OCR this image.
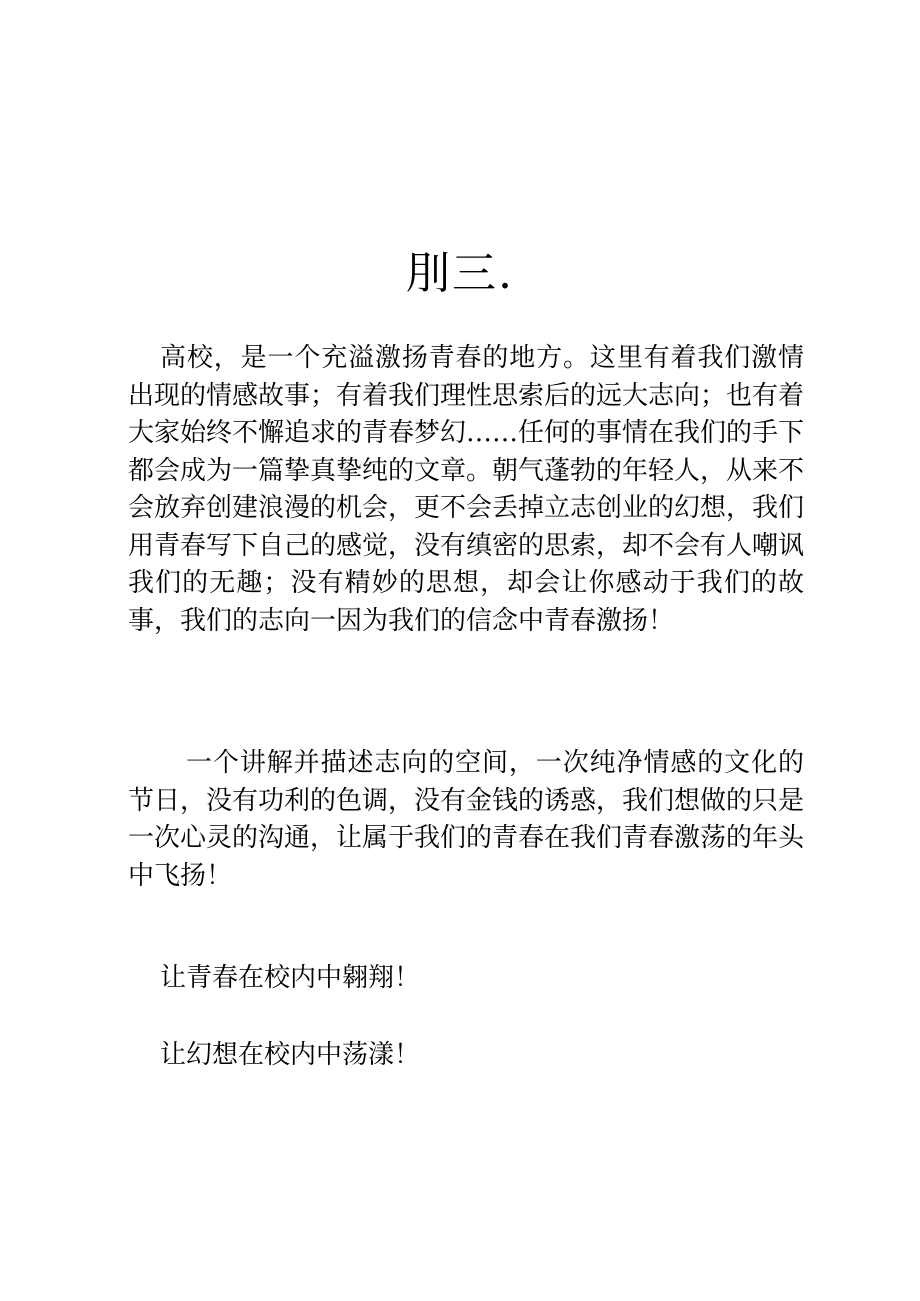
刖三.
高校，是一个充溢激扬青春的地方。这里有着我们激情出现的情感故事；有着我们理性思索后的远大志向；也有着大家始终不懈追求的青春梦幻……任何的事情在我们的手下都会成为一篇挚真挚纯的文章。朝气蓬勃的年轻人，从来不会放弃创建浪漫的机会，更不会丢掉立志创业的幻想，我们用青春写下自己的感觉，没有缜密的思索，却不会有人嘲讽我们的无趣；没有精妙的思想，却会让你感动于我们的故事，我们的志向一因为我们的信念中青春激扬！
一个讲解并描述志向的空间，一次纯净情感的文化的节日，没有功利的色调，没有金钱的诱惑，我们想做的只是一次心灵的沟通，让属于我们的青春在我们青春激荡的年头中飞扬！
让青春在校内中翱翔！
让幻想在校内中荡漾！
